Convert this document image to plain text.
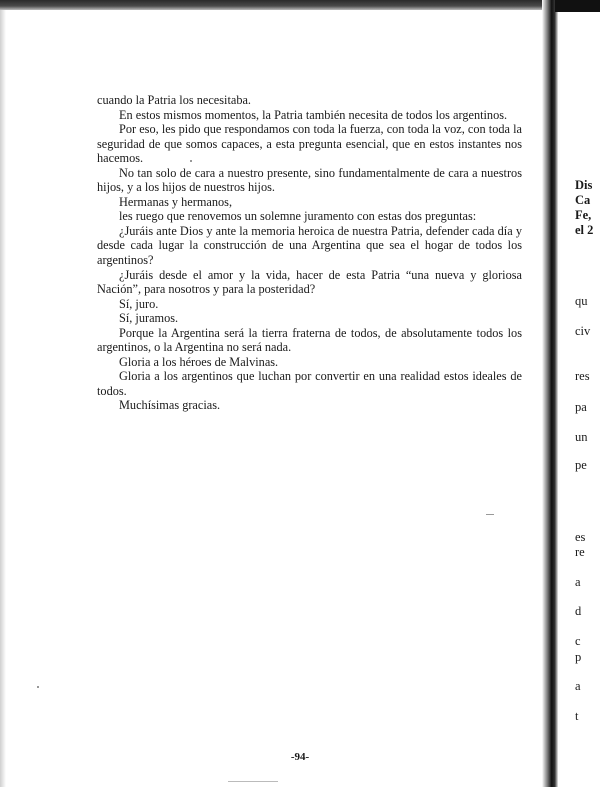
cuando la Patria los necesitaba.

En estos mismos momentos, la Patria también necesita de todos los argentinos.

Por eso, les pido que respondamos con toda la fuerza, con toda la voz, con toda la seguridad de que somos capaces, a esta pregunta esencial, que en estos instantes nos hacemos.

No tan solo de cara a nuestro presente, sino fundamentalmente de cara a nuestros hijos, y a los hijos de nuestros hijos.

Hermanas y hermanos,

les ruego que renovemos un solemne juramento con estas dos preguntas:

¿Juráis ante Dios y ante la memoria heroica de nuestra Patria, defender cada día y desde cada lugar la construcción de una Argentina que sea el hogar de todos los argentinos?

¿Juráis desde el amor y la vida, hacer de esta Patria “una nueva y gloriosa Nación”, para nosotros y para la posteridad?

Sí, juro.

Sí, juramos.

Porque la Argentina será la tierra fraterna de todos, de absolutamente todos los argentinos, o la Argentina no será nada.

Gloria a los héroes de Malvinas.

Gloria a los argentinos que luchan por convertir en una realidad estos ideales de todos.

Muchísimas gracias.

-94-
Dis
Ca
Fe,
el 2
qu
civ
res
pa
un
pe
es
re
a
d
c
p
a
t
